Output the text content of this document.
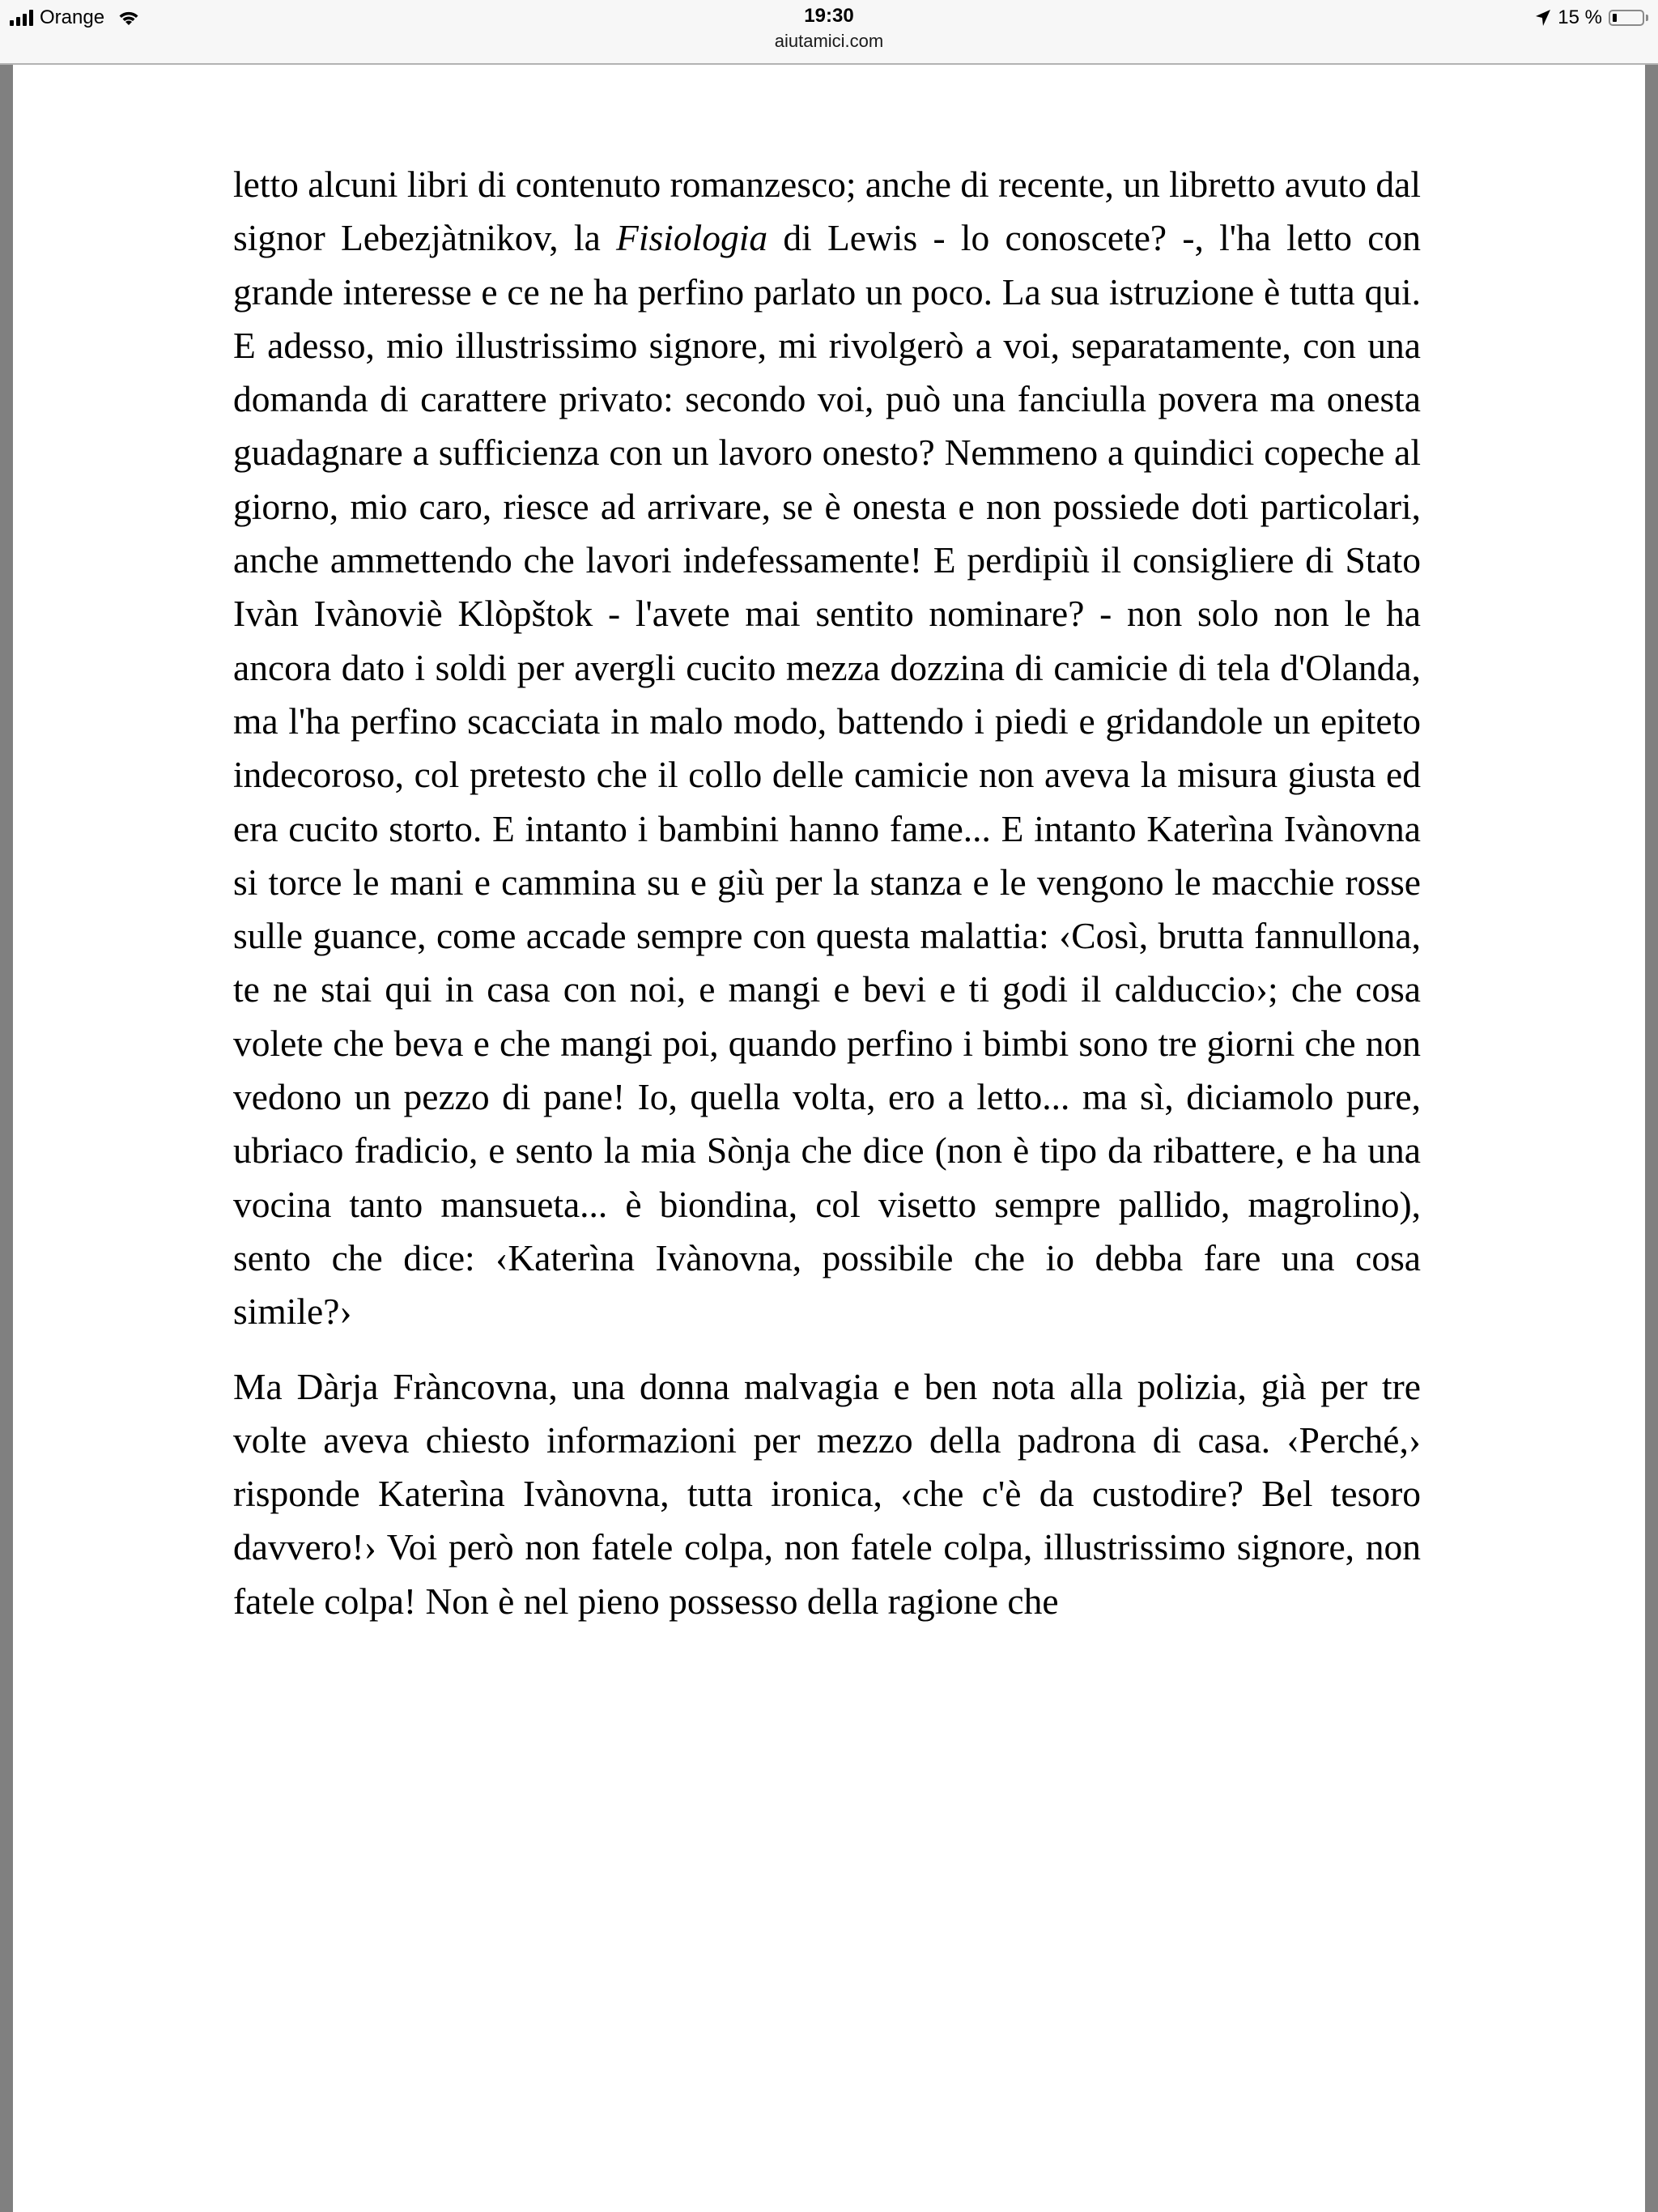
Orange	19:30
aiutamici.com
15 %

letto alcuni libri di contenuto romanzesco; anche di recente, un libretto avuto dal signor Lebezjàtnikov, la Fisiologia di Lewis - lo conoscete? -, l'ha letto con grande interesse e ce ne ha perfino parlato un poco. La sua istruzione è tutta qui. E adesso, mio illustrissimo signore, mi rivolgerò a voi, separatamente, con una domanda di carattere privato: secondo voi, può una fanciulla povera ma onesta guadagnare a sufficienza con un lavoro onesto? Nemmeno a quindici copeche al giorno, mio caro, riesce ad arrivare, se è onesta e non possiede doti particolari, anche ammettendo che lavori indefessamente! E perdipiù il consigliere di Stato Ivàn Ivànoviè Klòpštok - l'avete mai sentito nominare? - non solo non le ha ancora dato i soldi per avergli cucito mezza dozzina di camicie di tela d'Olanda, ma l'ha perfino scacciata in malo modo, battendo i piedi e gridandole un epiteto indecoroso, col pretesto che il collo delle camicie non aveva la misura giusta ed era cucito storto. E intanto i bambini hanno fame... E intanto Katerìna Ivànovna si torce le mani e cammina su e giù per la stanza e le vengono le macchie rosse sulle guance, come accade sempre con questa malattia: ‹Così, brutta fannullona, te ne stai qui in casa con noi, e mangi e bevi e ti godi il calduccio›; che cosa volete che beva e che mangi poi, quando perfino i bimbi sono tre giorni che non vedono un pezzo di pane! Io, quella volta, ero a letto... ma sì, diciamolo pure, ubriaco fradicio, e sento la mia Sònja che dice (non è tipo da ribattere, e ha una vocina tanto mansueta... è biondina, col visetto sempre pallido, magrolino), sento che dice: ‹Katerìna Ivànovna, possibile che io debba fare una cosa simile?›

Ma Dàrja Fràncovna, una donna malvagia e ben nota alla polizia, già per tre volte aveva chiesto informazioni per mezzo della padrona di casa. ‹Perché,› risponde Katerìna Ivànovna, tutta ironica, ‹che c'è da custodire? Bel tesoro davvero!› Voi però non fatele colpa, non fatele colpa, illustrissimo signore, non fatele colpa! Non è nel pieno possesso della ragione che
